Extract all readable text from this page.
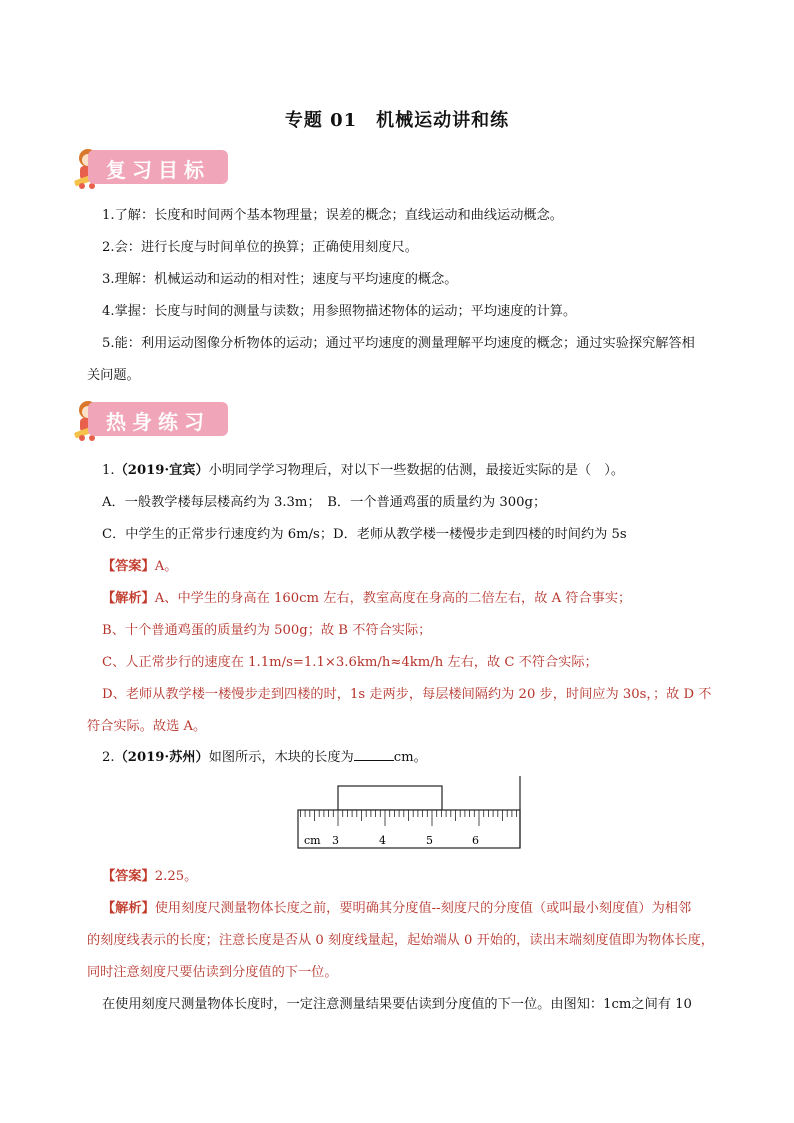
专题 01　机械运动讲和练
复习目标
1.了解：长度和时间两个基本物理量；误差的概念；直线运动和曲线运动概念。
2.会：进行长度与时间单位的换算；正确使用刻度尺。
3.理解：机械运动和运动的相对性；速度与平均速度的概念。
4.掌握：长度与时间的测量与读数；用参照物描述物体的运动；平均速度的计算。
5.能：利用运动图像分析物体的运动；通过平均速度的测量理解平均速度的概念；通过实验探究解答相
关问题。
热身练习
1.（2019·宜宾）小明同学学习物理后，对以下一些数据的估测，最接近实际的是（　）。
A．一般教学楼每层楼高约为 3.3m；　B．一个普通鸡蛋的质量约为 300g；
C．中学生的正常步行速度约为 6m/s；D．老师从教学楼一楼慢步走到四楼的时间约为 5s
【答案】A。
【解析】A、中学生的身高在 160cm 左右，教室高度在身高的二倍左右，故 A 符合事实；
B、十个普通鸡蛋的质量约为 500g；故 B 不符合实际；
C、人正常步行的速度在 1.1m/s=1.1×3.6km/h≈4km/h 左右，故 C 不符合实际；
D、老师从教学楼一楼慢步走到四楼的时，1s 走两步，每层楼间隔约为 20 步，时间应为 30s，；故 D 不
符合实际。故选 A。
2.（2019·苏州）如图所示，木块的长度为	cm。
cm 3	4	5	6
【答案】2.25。
【解析】使用刻度尺测量物体长度之前，要明确其分度值--刻度尺的分度值（或叫最小刻度值）为相邻
的刻度线表示的长度；注意长度是否从 0 刻度线量起，起始端从 0 开始的，读出末端刻度值即为物体长度，
同时注意刻度尺要估读到分度值的下一位。
在使用刻度尺测量物体长度时，一定注意测量结果要估读到分度值的下一位。由图知：1cm之间有 10
